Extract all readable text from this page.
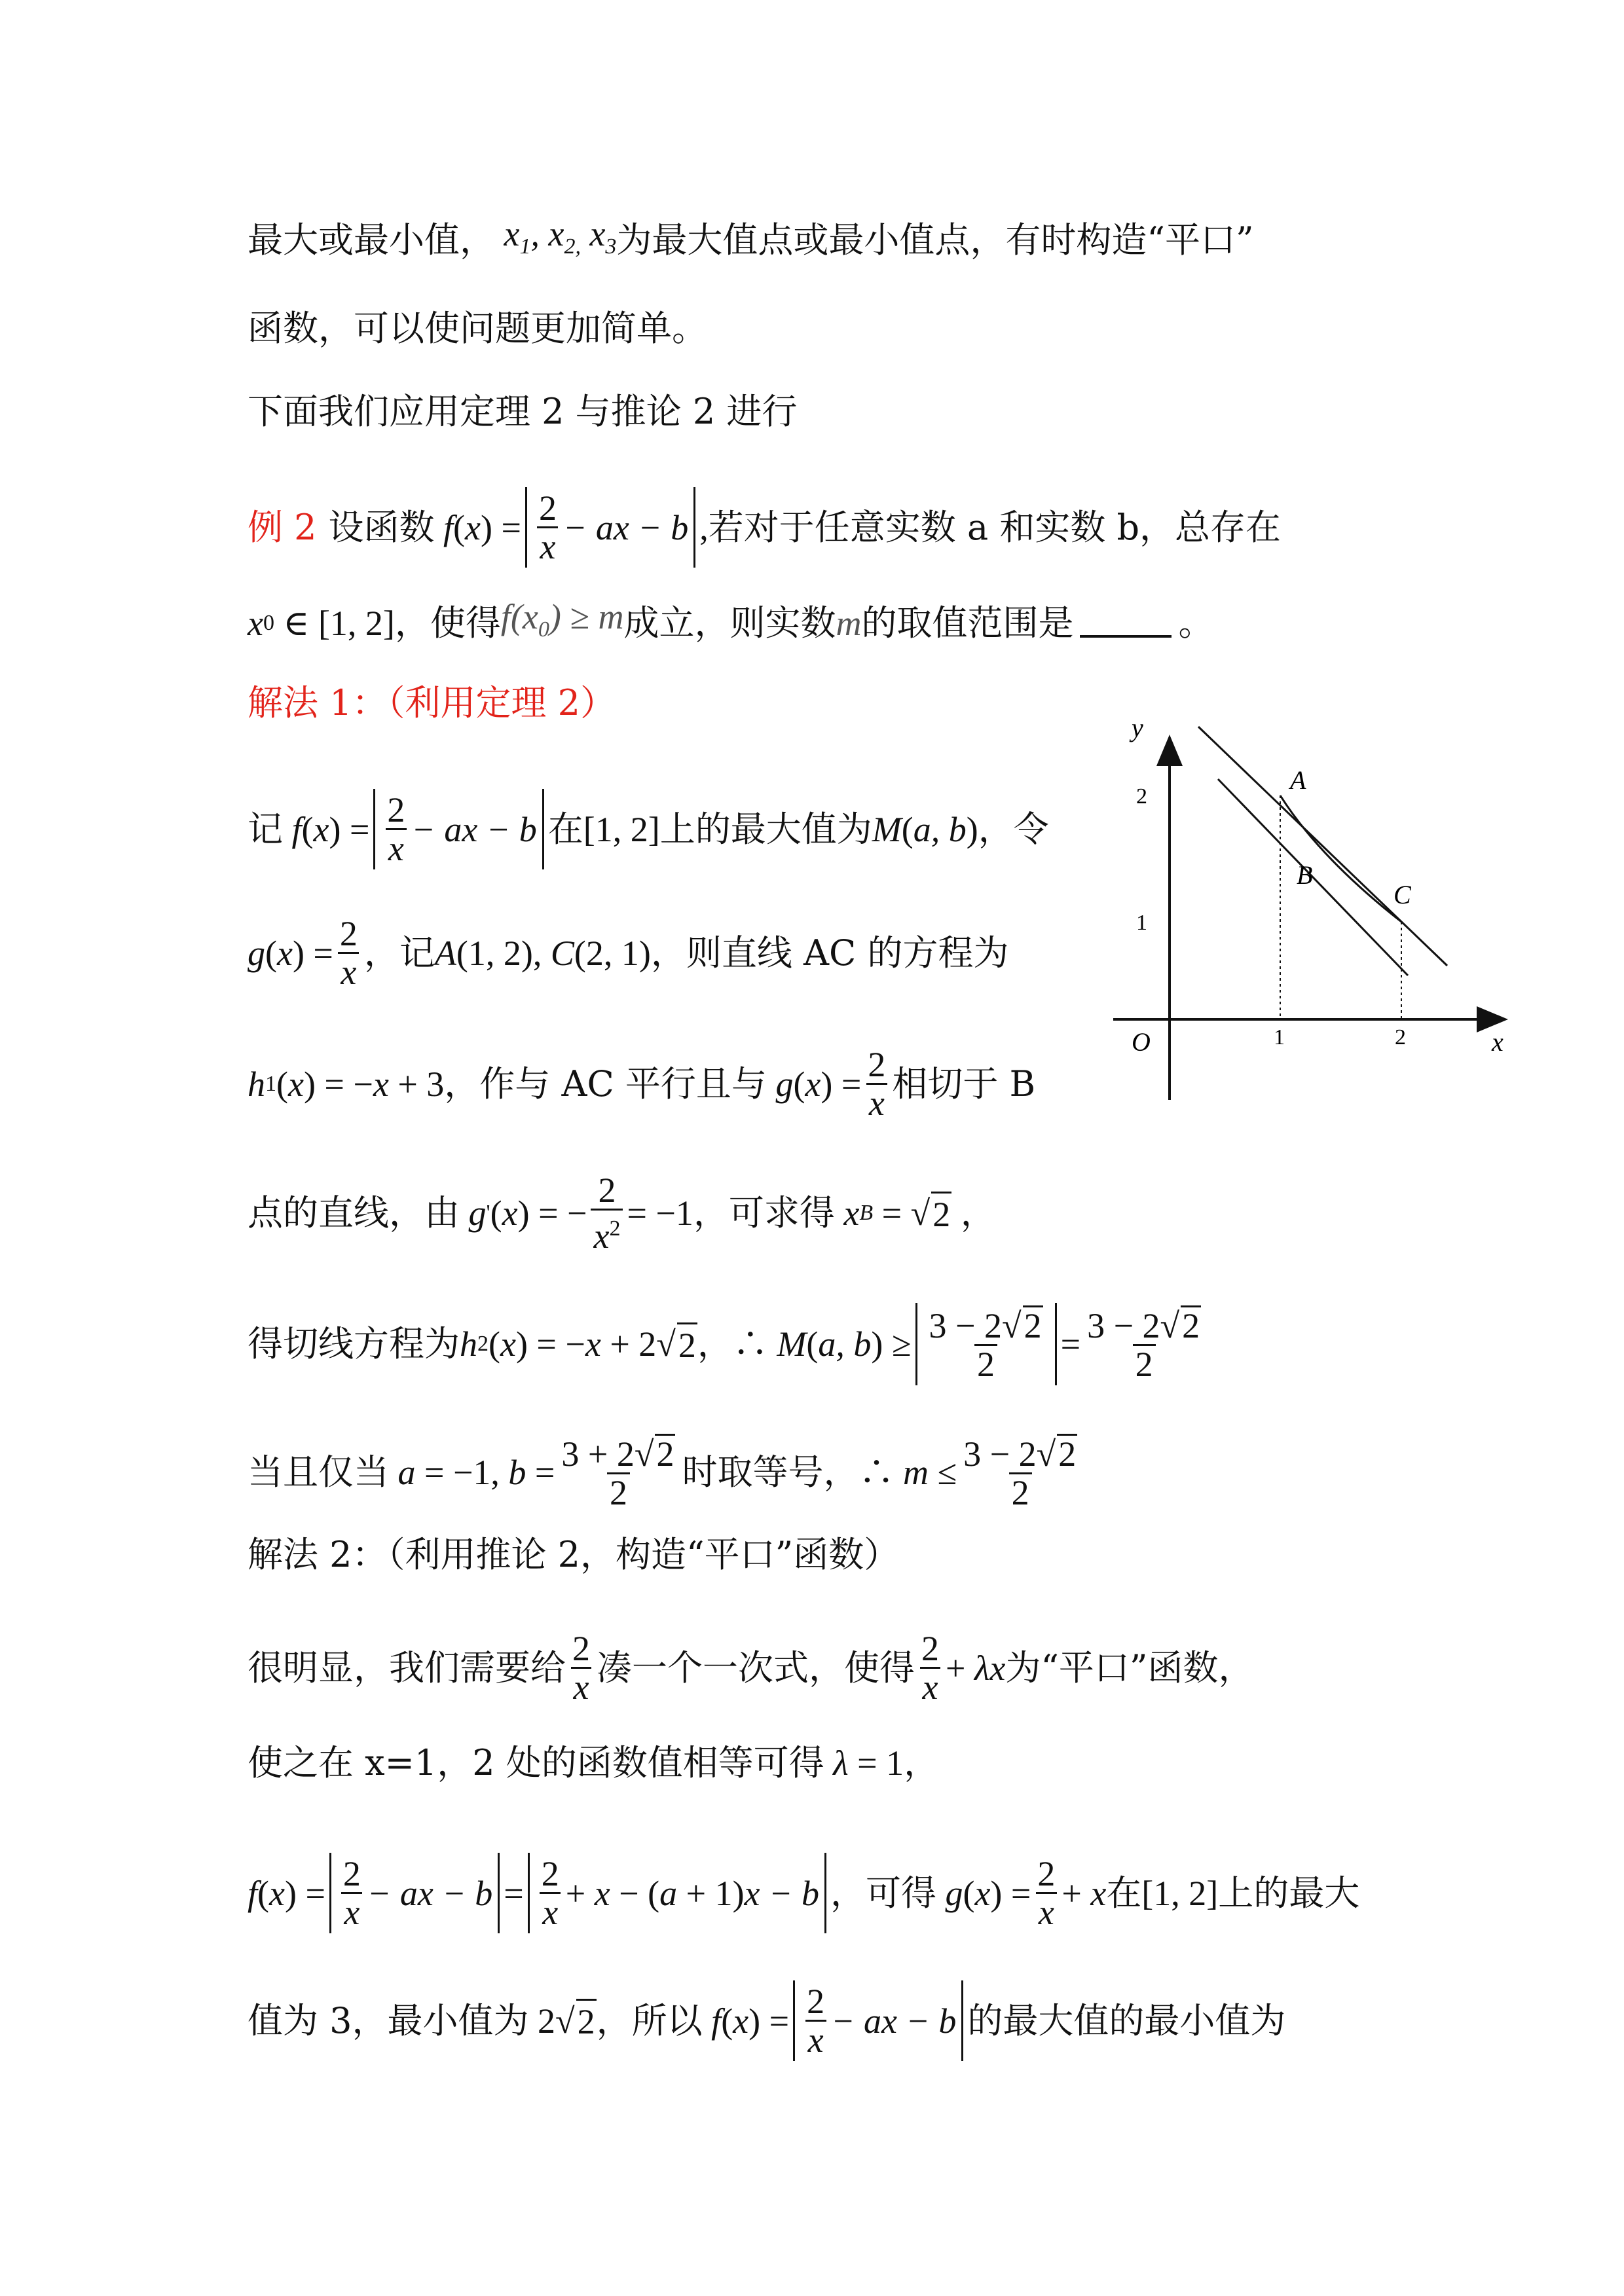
最大或最小值， $x_1$, $x_{2,}$ $x_3$ 为最大值点或最小值点，有时构造“平口”
函数，可以使问题更加简单。
下面我们应用定理 2 与推论 2 进行
例 2 设函数 f ( x ) = $\frac{2}{x}$ − ax − b , 若对于任意实数 a 和实数 b，总存在
x 0 ∈ [1, 2]， 使得 $f(x_0) \ge m$ 成立，则实数 m 的取值范围是	。
解法 1：（利用定理 2）
记 f ( x ) = $\frac{2}{x}$ − ax − b 在 [1, 2] 上的最大值为 M ( a, b ) ，令
g ( x ) = $\frac{2}{x}$ ， 记 A (1, 2), C (2, 1) ，则直线 AC 的方程为
h 1 ( x ) = − x + 3， 作与 AC 平行且与 g ( x ) = $\frac{2}{x}$ 相切于 B
点的直线，由 g ' ( x ) = − $\frac{2}{x^2} = -1$ ，可求得 x B = √ 2 ，
得切线方程为 h 2 ( x ) = − x + 2√ 2 ，∴ M ( a, b ) ≥ $\frac{3 - 2√2}{2} = \frac{3 - 2√2}{2}$
当且仅当 a = −1, $b = \frac{3 + 2√2}{2}$ 时取等号，∴ $m \le \frac{3 - 2√2}{2}$
解法 2：（利用推论 2，构造“平口”函数）
很明显，我们需要给 $\frac{2}{x}$ 凑一个一次式，使得 $\frac{2}{x} + \lambda x$ 为“平口”函数，
使之在 x=1，2 处的函数值相等可得 λ = 1，
f ( x ) = $\frac{2}{x}$ − ax − $b = \frac{2}{x} + x$ − ( a + 1) x − b ，可得 g ( x ) = $\frac{2}{x} + x$ 在 [1, 2] 上的最大
值为 3，最小值为 2√ 2 ，所以 f ( x ) = $\frac{2}{x}$ − ax − b 的最大值的最小值为
y
x
O	1	2
2
1
A
B
C
